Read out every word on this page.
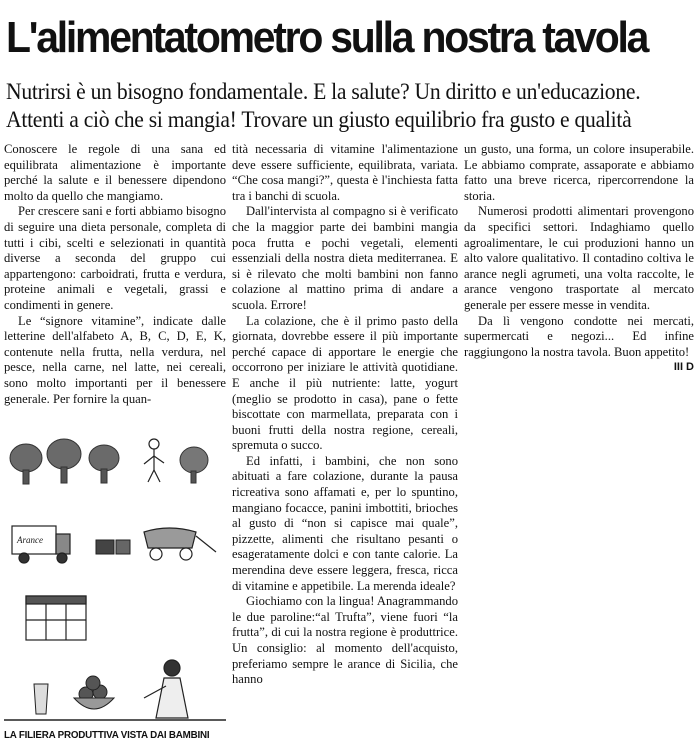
L'alimentatometro sulla nostra tavola
Nutrirsi è un bisogno fondamentale. E la salute? Un diritto e un'educazione.
Attenti a ciò che si mangia! Trovare un giusto equilibrio fra gusto e qualità

Conoscere le regole di una sana ed equilibrata alimentazione è importante perché la salute e il benessere dipendono molto da quello che mangiamo.

Per crescere sani e forti abbiamo bisogno di seguire una dieta personale, completa di tutti i cibi, scelti e selezionati in quantità diverse a seconda del gruppo cui appartengono: carboidrati, frutta e verdura, proteine animali e vegetali, grassi e condimenti in genere.

Le “signore vitamine”, indicate dalle letterine dell'alfabeto A, B, C, D, E, K, contenute nella frutta, nella verdura, nel pesce, nella carne, nel latte, nei cereali, sono molto importanti per il benessere generale. Per fornire la quan-

tità necessaria di vitamine l'alimentazione deve essere sufficiente, equilibrata, variata. “Che cosa mangi?”, questa è l'inchiesta fatta tra i banchi di scuola.

Dall'intervista al compagno si è verificato che la maggior parte dei bambini mangia poca frutta e pochi vegetali, elementi essenziali della nostra dieta mediterranea. E si è rilevato che molti bambini non fanno colazione al mattino prima di andare a scuola. Errore!

La colazione, che è il primo pasto della giornata, dovrebbe essere il più importante perché capace di apportare le energie che occorrono per iniziare le attività quotidiane. E anche il più nutriente: latte, yogurt (meglio se prodotto in casa), pane o fette biscottate con marmellata, preparata con i buoni frutti della nostra regione, cereali, spremuta o succo.

Ed infatti, i bambini, che non sono abituati a fare colazione, durante la pausa ricreativa sono affamati e, per lo spuntino, mangiano focacce, panini imbottiti, brioches al gusto di “non si capisce mai quale”, pizzette, alimenti che risultano pesanti o esageratamente dolci e con tante calorie. La merendina deve essere leggera, fresca, ricca di vitamine e appetibile. La merenda ideale?

Giochiamo con la lingua! Anagrammando le due paroline:“al Trufta”, viene fuori “la frutta”, di cui la nostra regione è produttrice. Un consiglio: al momento dell'acquisto, preferiamo sempre le arance di Sicilia, che hanno

un gusto, una forma, un colore insuperabile. Le abbiamo comprate, assaporate e abbiamo fatto una breve ricerca, ripercorrendone la storia.

Numerosi prodotti alimentari provengono da specifici settori. Indaghiamo quello agroalimentare, le cui produzioni hanno un alto valore qualitativo. Il contadino coltiva le arance negli agrumeti, una volta raccolte, le arance vengono trasportate al mercato generale per essere messe in vendita.

Da lì vengono condotte nei mercati, supermercati e negozi... Ed infine raggiungono la nostra tavola. Buon appetito!

III D

Arance
LA FILIERA PRODUTTIVA VISTA DAI BAMBINI
